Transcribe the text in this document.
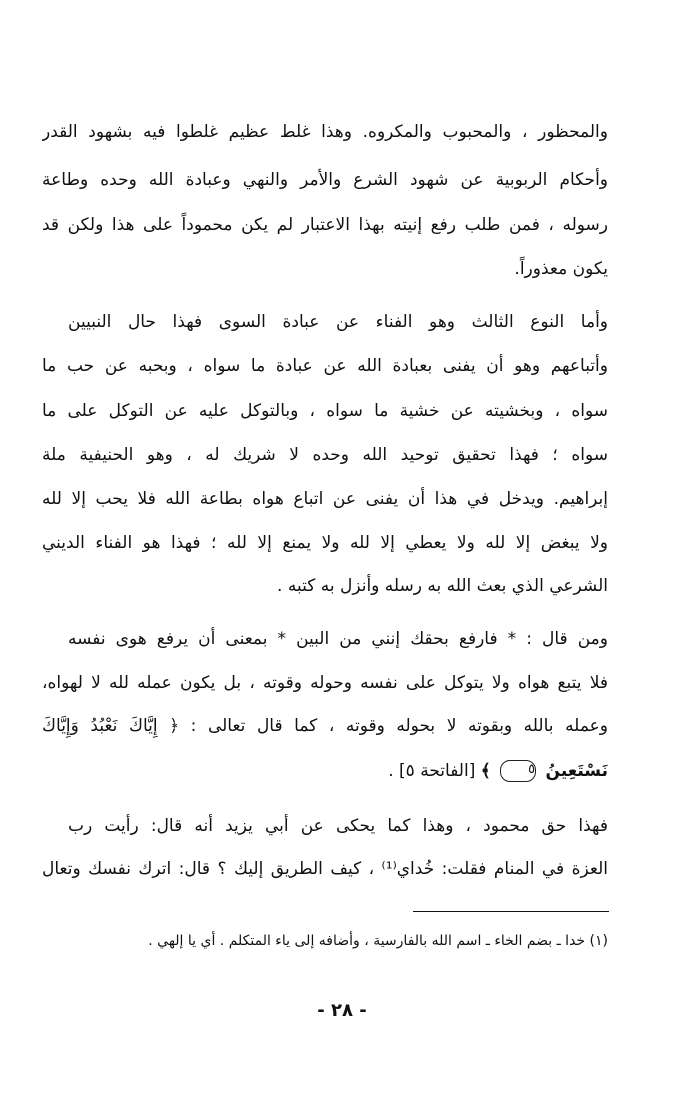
والمحظور ، والمحبوب والمكروه. وهذا غلط عظيم غلطوا فيه بشهود القدر
وأحكام الربوبية عن شهود الشرع والأمر والنهي وعبادة الله وحده وطاعة
رسوله ، فمن طلب رفع إنيته بهذا الاعتبار لم يكن محموداً على هذا ولكن قد
يكون معذوراً.
وأما النوع الثالث وهو الفناء عن عبادة السوى فهذا حال النبيين
وأتباعهم وهو أن يفنى بعبادة الله عن عبادة ما سواه ، وبحبه عن حب ما
سواه ، وبخشيته عن خشية ما سواه ، وبالتوكل عليه عن التوكل على ما
سواه ؛ فهذا تحقيق توحيد الله وحده لا شريك له ، وهو الحنيفية ملة
إبراهيم. ويدخل في هذا أن يفنى عن اتباع هواه بطاعة الله فلا يحب إلا لله
ولا يبغض إلا لله ولا يعطي إلا لله ولا يمنع إلا لله ؛ فهذا هو الفناء الديني
الشرعي الذي بعث الله به رسله وأنزل به كتبه .
ومن قال : * فارفع بحقك إنني من البين * بمعنى أن يرفع هوى نفسه
فلا يتبع هواه ولا يتوكل على نفسه وحوله وقوته ، بل يكون عمله لله لا لهواه،
وعمله بالله وبقوته لا بحوله وقوته ، كما قال تعالى : ﴿ إِيَّاكَ نَعْبُدُ وَإِيَّاكَ
نَسْتَعِينُ ٥ ﴾ [الفاتحة ٥] .
فهذا حق محمود ، وهذا كما يحكى عن أبي يزيد أنه قال: رأيت رب
العزة في المنام فقلت: خُداي⁽¹⁾ ، كيف الطريق إليك ؟ قال: اترك نفسك وتعال
(١) خدا ـ بضم الخاء ـ اسم الله بالفارسية ، وأضافه إلى ياء المتكلم . أي يا إلهي .
- ٢٨ -
